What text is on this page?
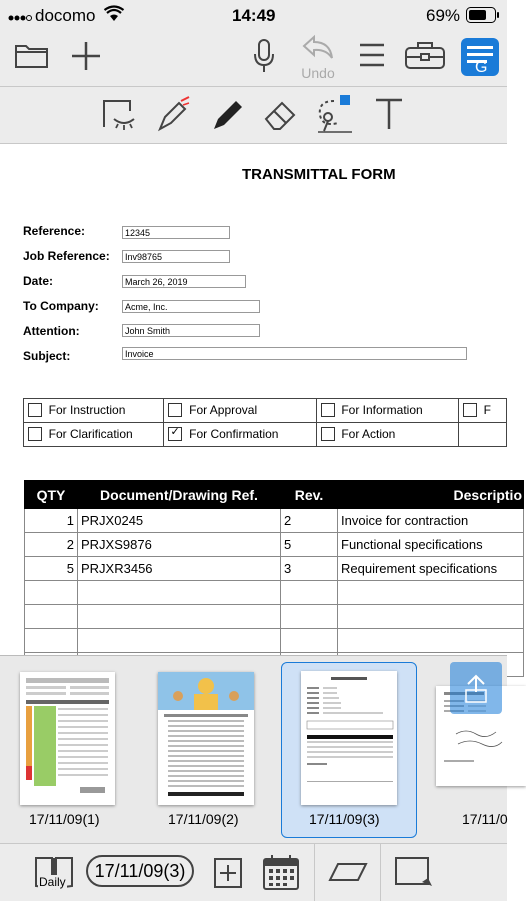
docomo	14:49	69%
Undo	G
TRANSMITTAL FORM
Reference:	12345
Job Reference:	Inv98765
Date:	March 26, 2019
To Company:	Acme, Inc.
Attention:	John Smith
Subject:	Invoice
For Instruction	For Approval	For Information	F
For Clarification	✓For Confirmation	For Action	
QTY	Document/Drawing Ref.	Rev.	Descriptio
1	PRJX0245	2	Invoice for contraction
2	PRJXS9876	5	Functional specifications
5	PRJXR3456	3	Requirement specifications

17/11/09(1)	17/11/09(2)	17/11/09(3)	17/11/0
Daily
17/11/09(3)
